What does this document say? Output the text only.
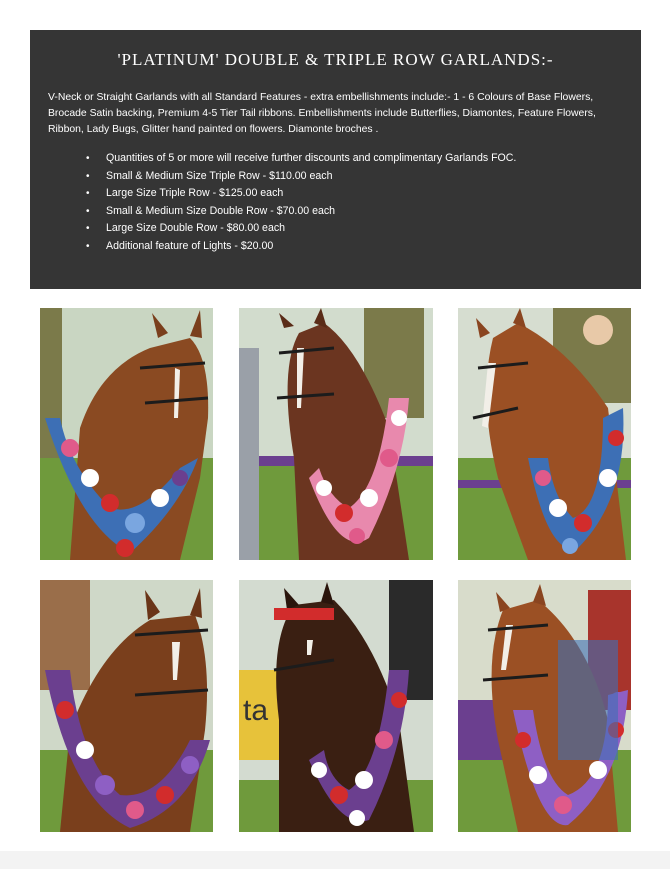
'PLATINUM' DOUBLE & TRIPLE ROW GARLANDS:-

V-Neck or Straight Garlands with all Standard Features - extra embellishments include:- 1 - 6 Colours of Base Flowers, Brocade Satin backing, Premium 4-5 Tier Tail ribbons. Embellishments include Butterflies, Diamontes, Feature Flowers, Ribbon, Lady Bugs, Glitter hand painted on flowers. Diamonte broches .

• Quantities of 5 or more will receive further discounts and complimentary Garlands FOC.
• Small & Medium Size Triple Row - $110.00 each
• Large Size Triple Row - $125.00 each
• Small & Medium Size Double Row - $70.00 each
• Large Size Double Row - $80.00 each
• Additional feature of Lights - $20.00
ta
